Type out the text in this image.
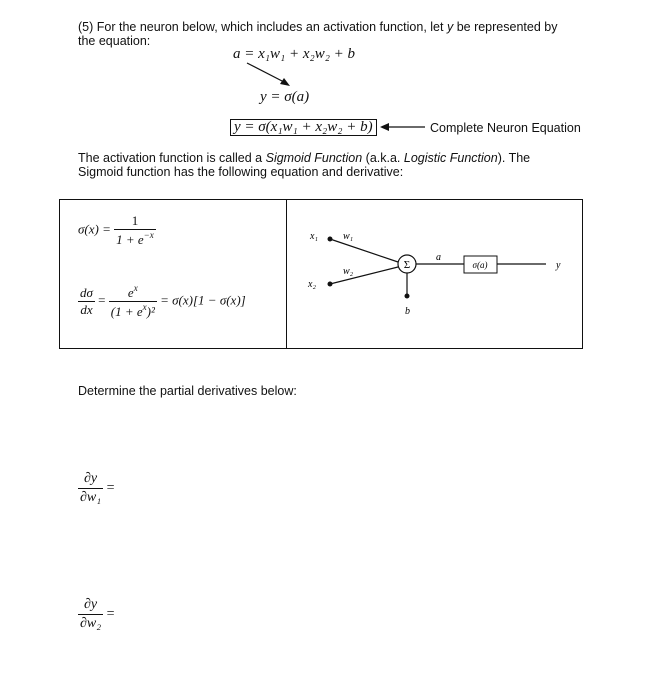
(5) For the neuron below, which includes an activation function, let y be represented by the equation:
a = x₁w₁ + x₂w₂ + b
y = σ(a)
y = σ(x₁w₁ + x₂w₂ + b)	Complete Neuron Equation
The activation function is called a Sigmoid Function (a.k.a. Logistic Function). The Sigmoid function has the following equation and derivative:
$\sigma(x) = \frac{1}{1 + e^{-x}}$
$\frac{d\sigma}{dx} = \frac{e^x}{(1 + e^x)^2} = \sigma(x)[1 - \sigma(x)]$
x₁	w₁
w₂
x₂
Σ
b
a
σ(a)	y
Determine the partial derivatives below:
$\frac{\partial y}{\text{∂w₁}}$ =
$\frac{\partial y}{\text{∂w₂}}$ =
